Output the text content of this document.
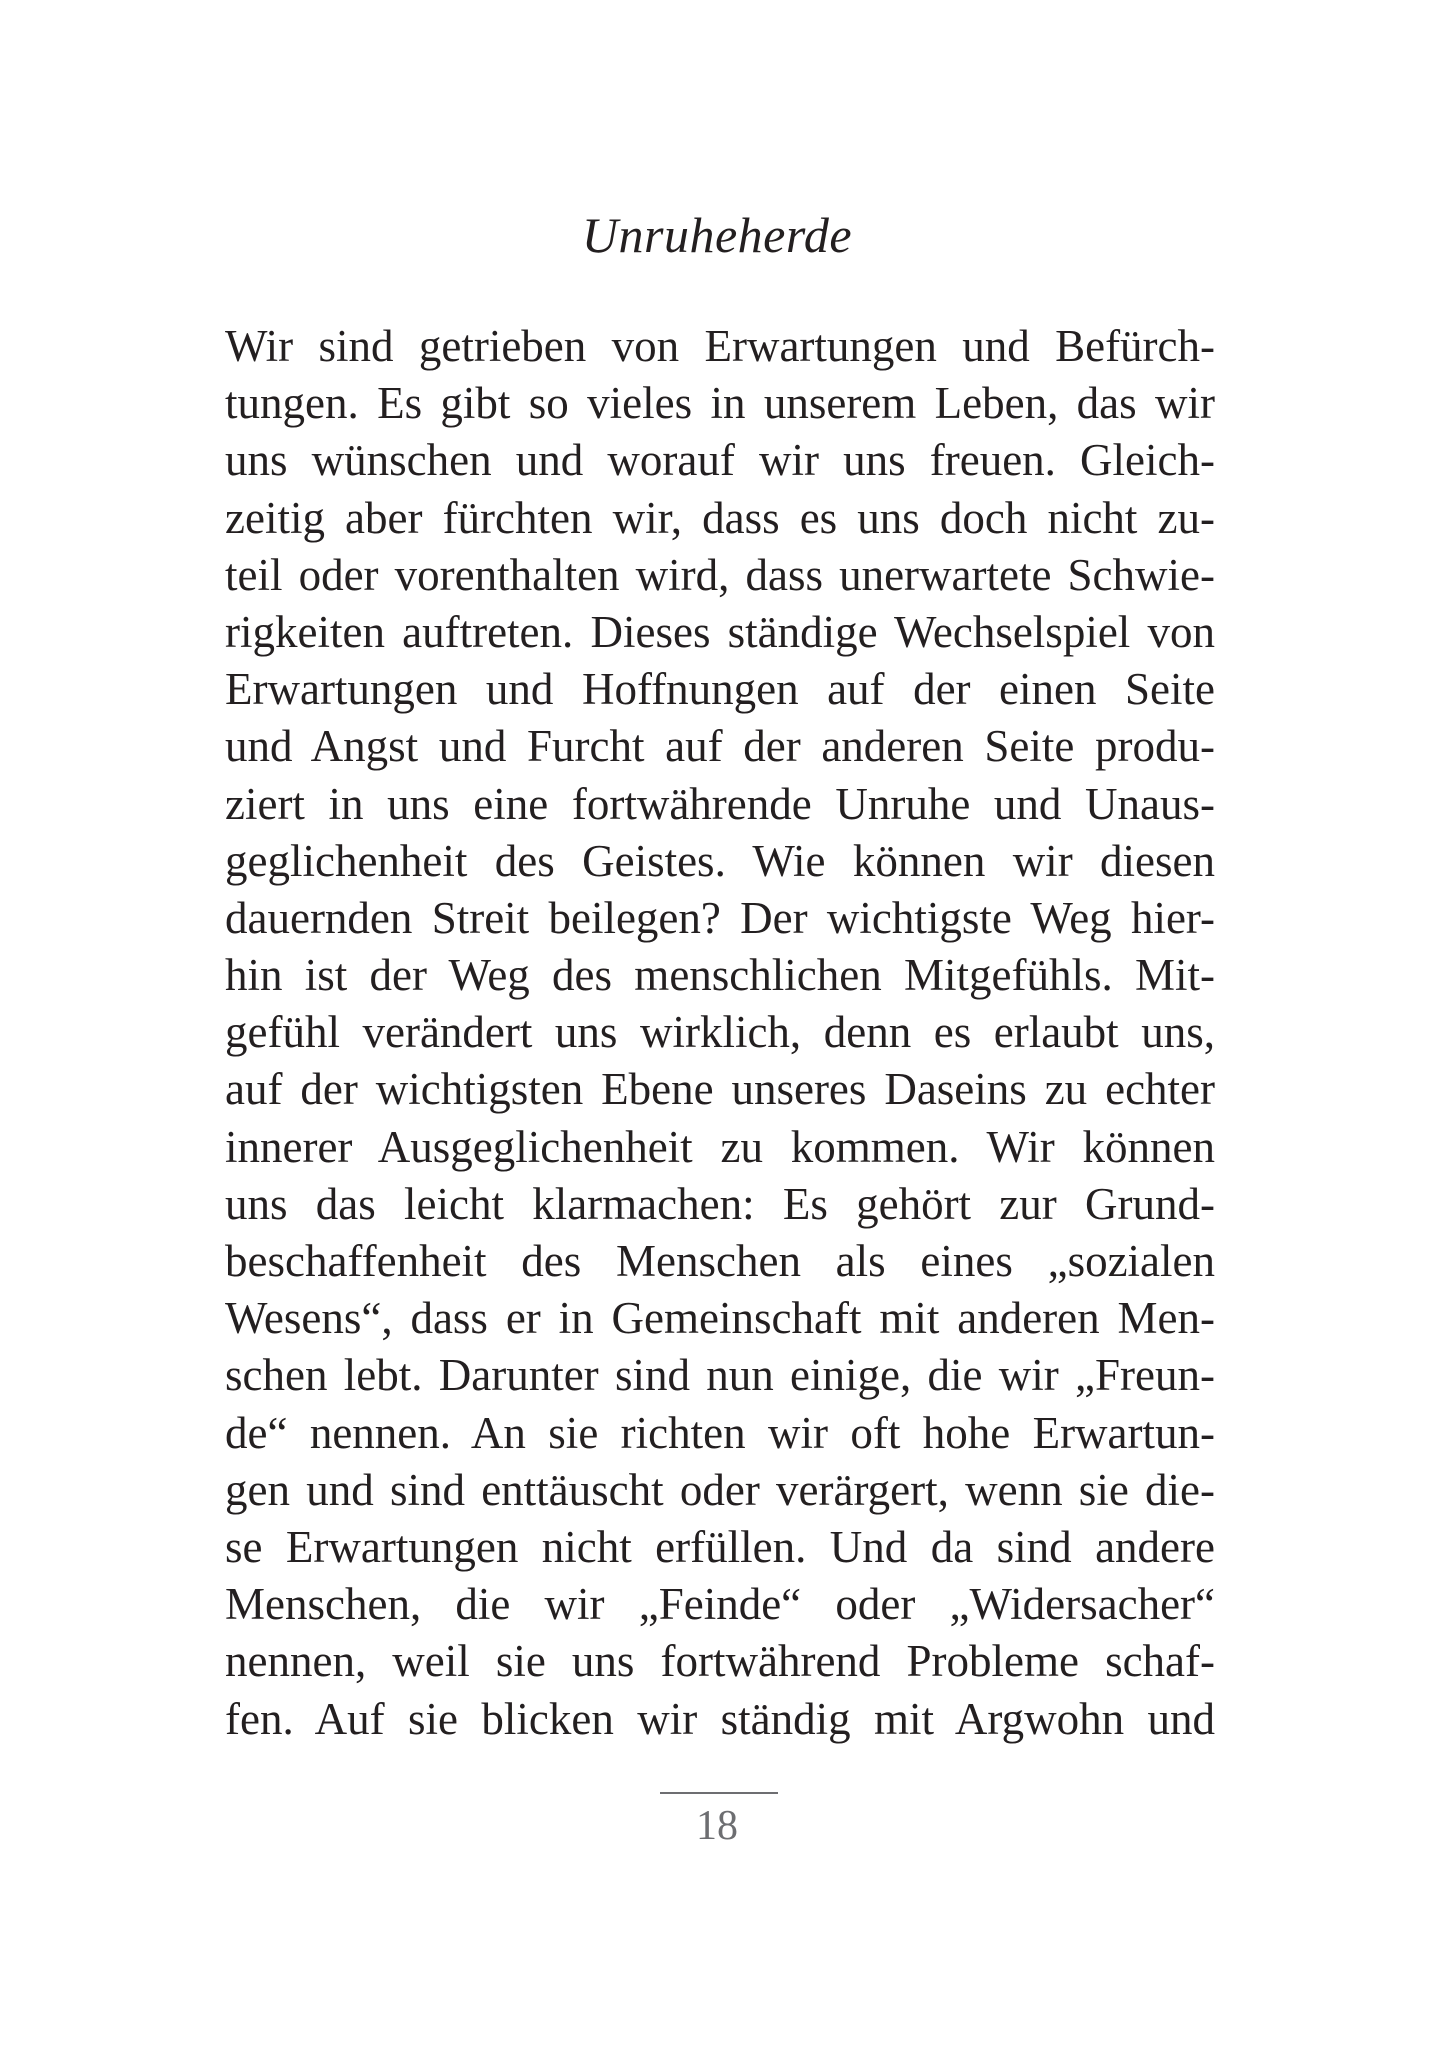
Unruheherde
Wir sind getrieben von Erwartungen und Befürch-
tungen. Es gibt so vieles in unserem Leben, das wir
uns wünschen und worauf wir uns freuen. Gleich-
zeitig aber fürchten wir, dass es uns doch nicht zu-
teil oder vorenthalten wird, dass unerwartete Schwie-
rigkeiten auftreten. Dieses ständige Wechselspiel von
Erwartungen und Hoffnungen auf der einen Seite
und Angst und Furcht auf der anderen Seite produ-
ziert in uns eine fortwährende Unruhe und Unaus-
geglichenheit des Geistes. Wie können wir diesen
dauernden Streit beilegen? Der wichtigste Weg hier-
hin ist der Weg des menschlichen Mitgefühls. Mit-
gefühl verändert uns wirklich, denn es erlaubt uns,
auf der wichtigsten Ebene unseres Daseins zu echter
innerer Ausgeglichenheit zu kommen. Wir können
uns das leicht klarmachen: Es gehört zur Grund-
beschaffenheit des Menschen als eines „sozialen
Wesens“, dass er in Gemeinschaft mit anderen Men-
schen lebt. Darunter sind nun einige, die wir „Freun-
de“ nennen. An sie richten wir oft hohe Erwartun-
gen und sind enttäuscht oder verärgert, wenn sie die-
se Erwartungen nicht erfüllen. Und da sind andere
Menschen, die wir „Feinde“ oder „Widersacher“
nennen, weil sie uns fortwährend Probleme schaf-
fen. Auf sie blicken wir ständig mit Argwohn und
18
